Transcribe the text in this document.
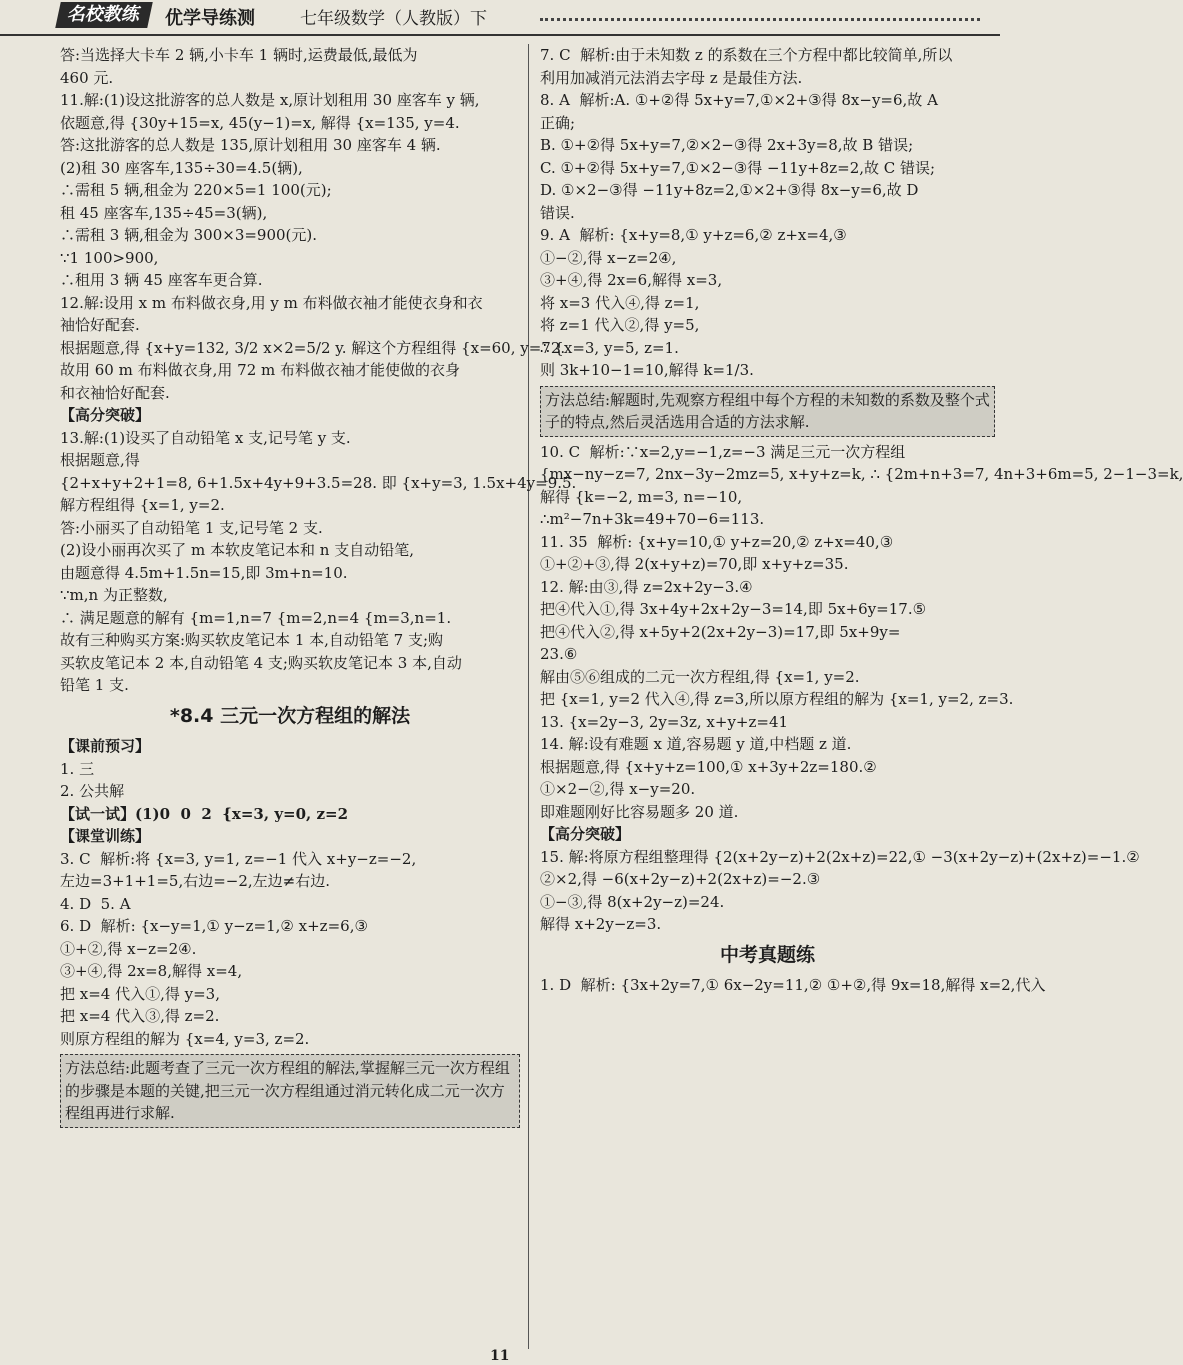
名校教练	优学导练测	七年级数学（人教版）下
答:当选择大卡车 2 辆,小卡车 1 辆时,运费最低,最低为
460 元.
11.解:(1)设这批游客的总人数是 x,原计划租用 30 座客车 y 辆,
依题意,得 {30y+15=x, 45(y−1)=x, 解得 {x=135, y=4.
答:这批游客的总人数是 135,原计划租用 30 座客车 4 辆.
(2)租 30 座客车,135÷30=4.5(辆),
∴需租 5 辆,租金为 220×5=1 100(元);
租 45 座客车,135÷45=3(辆),
∴需租 3 辆,租金为 300×3=900(元).
∵1 100>900,
∴租用 3 辆 45 座客车更合算.
12.解:设用 x m 布料做衣身,用 y m 布料做衣袖才能使衣身和衣
袖恰好配套.
根据题意,得 {x+y=132, 3/2 x×2=5/2 y. 解这个方程组得 {x=60, y=72.
故用 60 m 布料做衣身,用 72 m 布料做衣袖才能使做的衣身
和衣袖恰好配套.
【高分突破】
13.解:(1)设买了自动铅笔 x 支,记号笔 y 支.
根据题意,得
{2+x+y+2+1=8, 6+1.5x+4y+9+3.5=28. 即 {x+y=3, 1.5x+4y=9.5.
解方程组得 {x=1, y=2.
答:小丽买了自动铅笔 1 支,记号笔 2 支.
(2)设小丽再次买了 m 本软皮笔记本和 n 支自动铅笔,
由题意得 4.5m+1.5n=15,即 3m+n=10.
∵m,n 为正整数,
∴ 满足题意的解有 {m=1,n=7 {m=2,n=4 {m=3,n=1.
故有三种购买方案:购买软皮笔记本 1 本,自动铅笔 7 支;购
买软皮笔记本 2 本,自动铅笔 4 支;购买软皮笔记本 3 本,自动
铅笔 1 支.
*8.4 三元一次方程组的解法
【课前预习】
1. 三
2. 公共解
【试一试】(1)0  0  2  {x=3, y=0, z=2
【课堂训练】
3. C  解析:将 {x=3, y=1, z=−1 代入 x+y−z=−2,
左边=3+1+1=5,右边=−2,左边≠右边.
4. D  5. A
6. D  解析: {x−y=1,① y−z=1,② x+z=6,③
①+②,得 x−z=2④.
③+④,得 2x=8,解得 x=4,
把 x=4 代入①,得 y=3,
把 x=4 代入③,得 z=2.
则原方程组的解为 {x=4, y=3, z=2.
方法总结:此题考查了三元一次方程组的解法,掌握解三元一次方程组的步骤是本题的关键,把三元一次方程组通过消元转化成二元一次方程组再进行求解.
7. C  解析:由于未知数 z 的系数在三个方程中都比较简单,所以
利用加减消元法消去字母 z 是最佳方法.
8. A  解析:A. ①+②得 5x+y=7,①×2+③得 8x−y=6,故 A
正确;
B. ①+②得 5x+y=7,②×2−③得 2x+3y=8,故 B 错误;
C. ①+②得 5x+y=7,①×2−③得 −11y+8z=2,故 C 错误;
D. ①×2−③得 −11y+8z=2,①×2+③得 8x−y=6,故 D
错误.
9. A  解析: {x+y=8,① y+z=6,② z+x=4,③
①−②,得 x−z=2④,
③+④,得 2x=6,解得 x=3,
将 x=3 代入④,得 z=1,
将 z=1 代入②,得 y=5,
∴ {x=3, y=5, z=1.
则 3k+10−1=10,解得 k=1/3.
方法总结:解题时,先观察方程组中每个方程的未知数的系数及整个式子的特点,然后灵活选用合适的方法求解.
10. C  解析:∵x=2,y=−1,z=−3 满足三元一次方程组
{mx−ny−z=7, 2nx−3y−2mz=5, x+y+z=k, ∴ {2m+n+3=7, 4n+3+6m=5, 2−1−3=k,
解得 {k=−2, m=3, n=−10,
∴m²−7n+3k=49+70−6=113.
11. 35  解析: {x+y=10,① y+z=20,② z+x=40,③
①+②+③,得 2(x+y+z)=70,即 x+y+z=35.
12. 解:由③,得 z=2x+2y−3.④
把④代入①,得 3x+4y+2x+2y−3=14,即 5x+6y=17.⑤
把④代入②,得 x+5y+2(2x+2y−3)=17,即 5x+9y=
23.⑥
解由⑤⑥组成的二元一次方程组,得 {x=1, y=2.
把 {x=1, y=2 代入④,得 z=3,所以原方程组的解为 {x=1, y=2, z=3.
13. {x=2y−3, 2y=3z, x+y+z=41
14. 解:设有难题 x 道,容易题 y 道,中档题 z 道.
根据题意,得 {x+y+z=100,① x+3y+2z=180.②
①×2−②,得 x−y=20.
即难题刚好比容易题多 20 道.
【高分突破】
15. 解:将原方程组整理得 {2(x+2y−z)+2(2x+z)=22,① −3(x+2y−z)+(2x+z)=−1.②
②×2,得 −6(x+2y−z)+2(2x+z)=−2.③
①−③,得 8(x+2y−z)=24.
解得 x+2y−z=3.
中考真题练
1. D  解析: {3x+2y=7,① 6x−2y=11,② ①+②,得 9x=18,解得 x=2,代入
11
